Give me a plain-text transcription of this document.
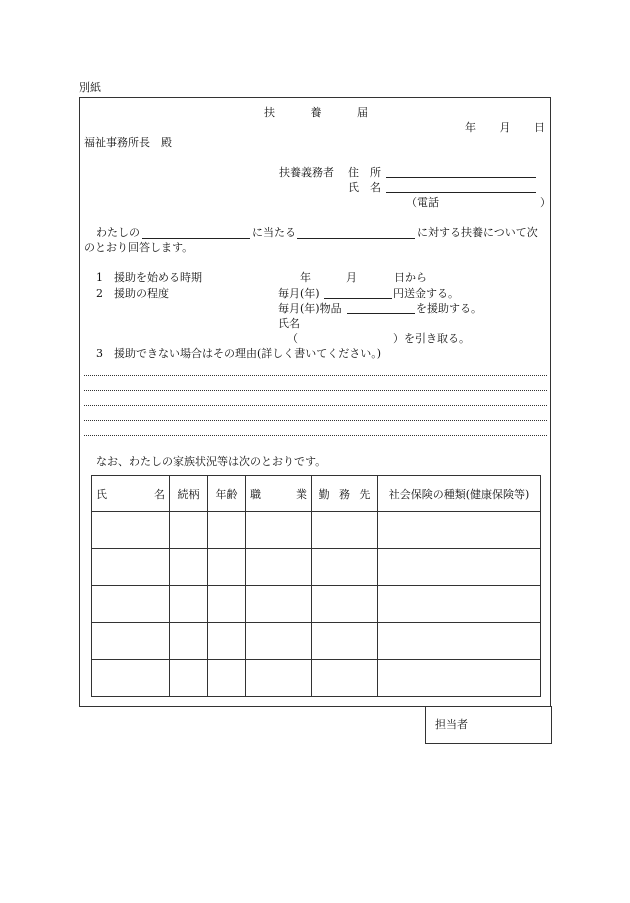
別紙
扶	養	届
年 月 日
福祉事務所長　殿
扶養義務者 住　所
氏　名
（電話	）
わたしの	に当たる	に対する扶養について次
のとおり回答します。
1　援助を始める時期	年	月	日から
2　援助の程度	毎月(年)	円送金する。
毎月(年)物品	を援助する。
氏名
（	）を引き取る。
3　援助できない場合はその理由(詳しく書いてください。)
なお、わたしの家族状況等は次のとおりです。
氏 名	続柄	年齢	職 業	勤 務 先	社会保険の種類(健康保険等)

担当者
